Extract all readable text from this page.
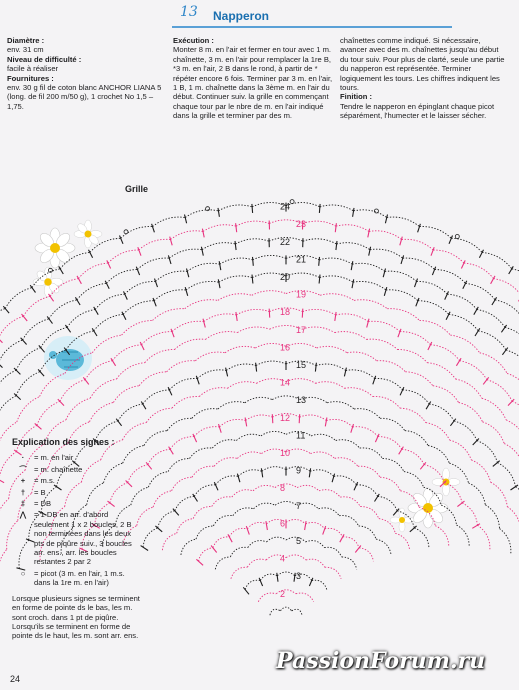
13 Napperon

Diamètre :

env. 31 cm

Niveau de difficulté :

facile à réaliser

Fournitures :

env. 30 g fil de coton blanc ANCHOR LIANA 5 (long. de fil 200 m/50 g), 1 crochet No 1,5 – 1,75.

Exécution :

Monter 8 m. en l'air et fermer en tour avec 1 m. chaînette, 3 m. en l'air pour remplacer la 1re B, *3 m. en l'air, 2 B dans le rond, à partir de * répéter encore 6 fois. Terminer par 3 m. en l'air, 1 B, 1 m. chaînette dans la 3ème m. en l'air du début. Continuer suiv. la grille en commençant chaque tour par le nbre de m. en l'air indiqué dans la grille et terminer par des m.

chaînettes comme indiqué. Si nécessaire, avancer avec des m. chaînettes jusqu'au début du tour suiv. Pour plus de clarté, seule une partie du napperon est représentée. Terminer logiquement les tours. Les chiffres indiquent les tours.

Finition :

Tendre le napperon en épinglant chaque picot séparément, l'humecter et le laisser sécher.

Grille
2
3
4
5
6
7
8
9
10
11
12
13
14
15
16
17
18
19
20
21
22
23
24
Explication des signes :
·	= m. en l'air
⌒ = m. chaînette
+	= m.s.
†	= B
‡	= DB
⋀	= 1 DB en arr. d'abord seulement 1 x 2 boucles, 2 B non terminées dans les deux pts de piqûre suiv., 3 boucles arr. ens., arr. les boucles restantes 2 par 2
○	= picot (3 m. en l'air, 1 m.s. dans la 1re m. en l'air)
Lorsque plusieurs signes se terminent en forme de pointe ds le bas, les m. sont croch. dans 1 pt de piqûre. Lorsqu'ils se terminent en forme de pointe ds le haut, les m. sont arr. ens.
24
PassionForum.ru
